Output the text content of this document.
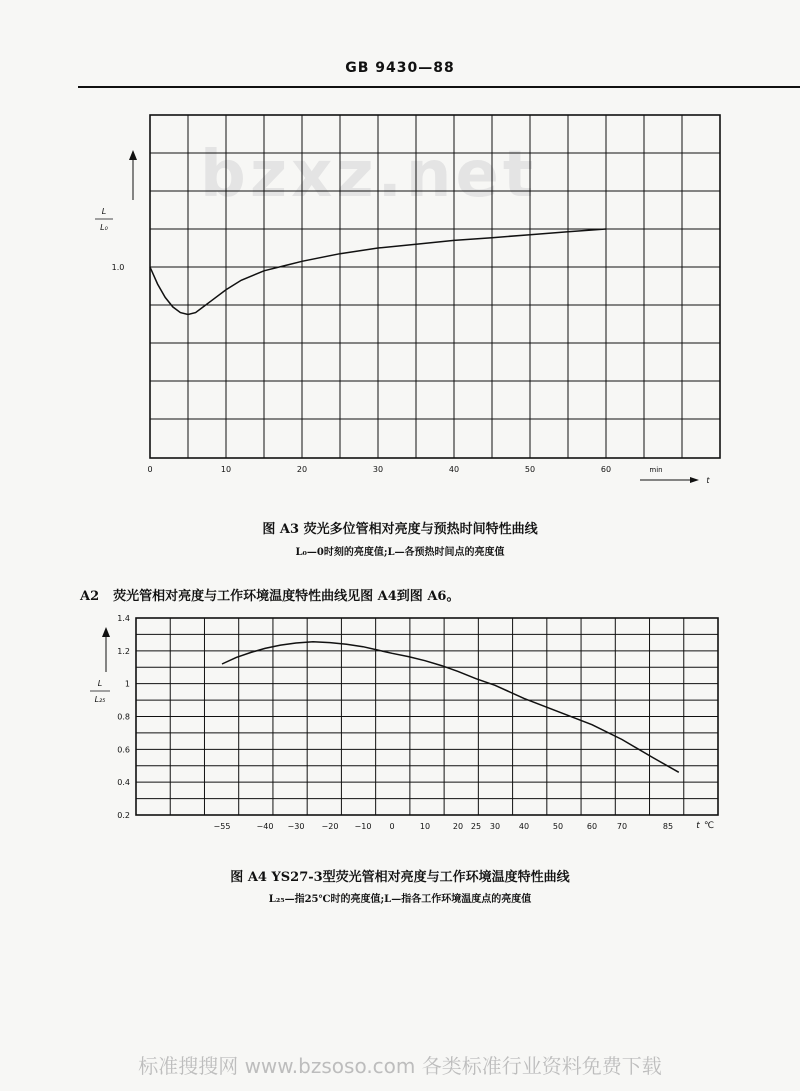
GB 9430—88
bzxz.net
0	10	20	30	40	50	60
1.0
L
L₀
min
t
图 A3 荧光多位管相对亮度与预热时间特性曲线
L₀—0时刻的亮度值;L—各预热时间点的亮度值
A2 荧光管相对亮度与工作环境温度特性曲线见图 A4到图 A6。
0.2
0.4
0.6
0.8
1
1.2
1.4
−55	−40 −30 −20 −10 0	10	20 25 30 40	50	60 70	85
L
L₂₅
t ℃
图 A4 YS27-3型荧光管相对亮度与工作环境温度特性曲线
L₂₅—指25℃时的亮度值;L—指各工作环境温度点的亮度值
标准搜搜网 www.bzsoso.com 各类标准行业资料免费下载
